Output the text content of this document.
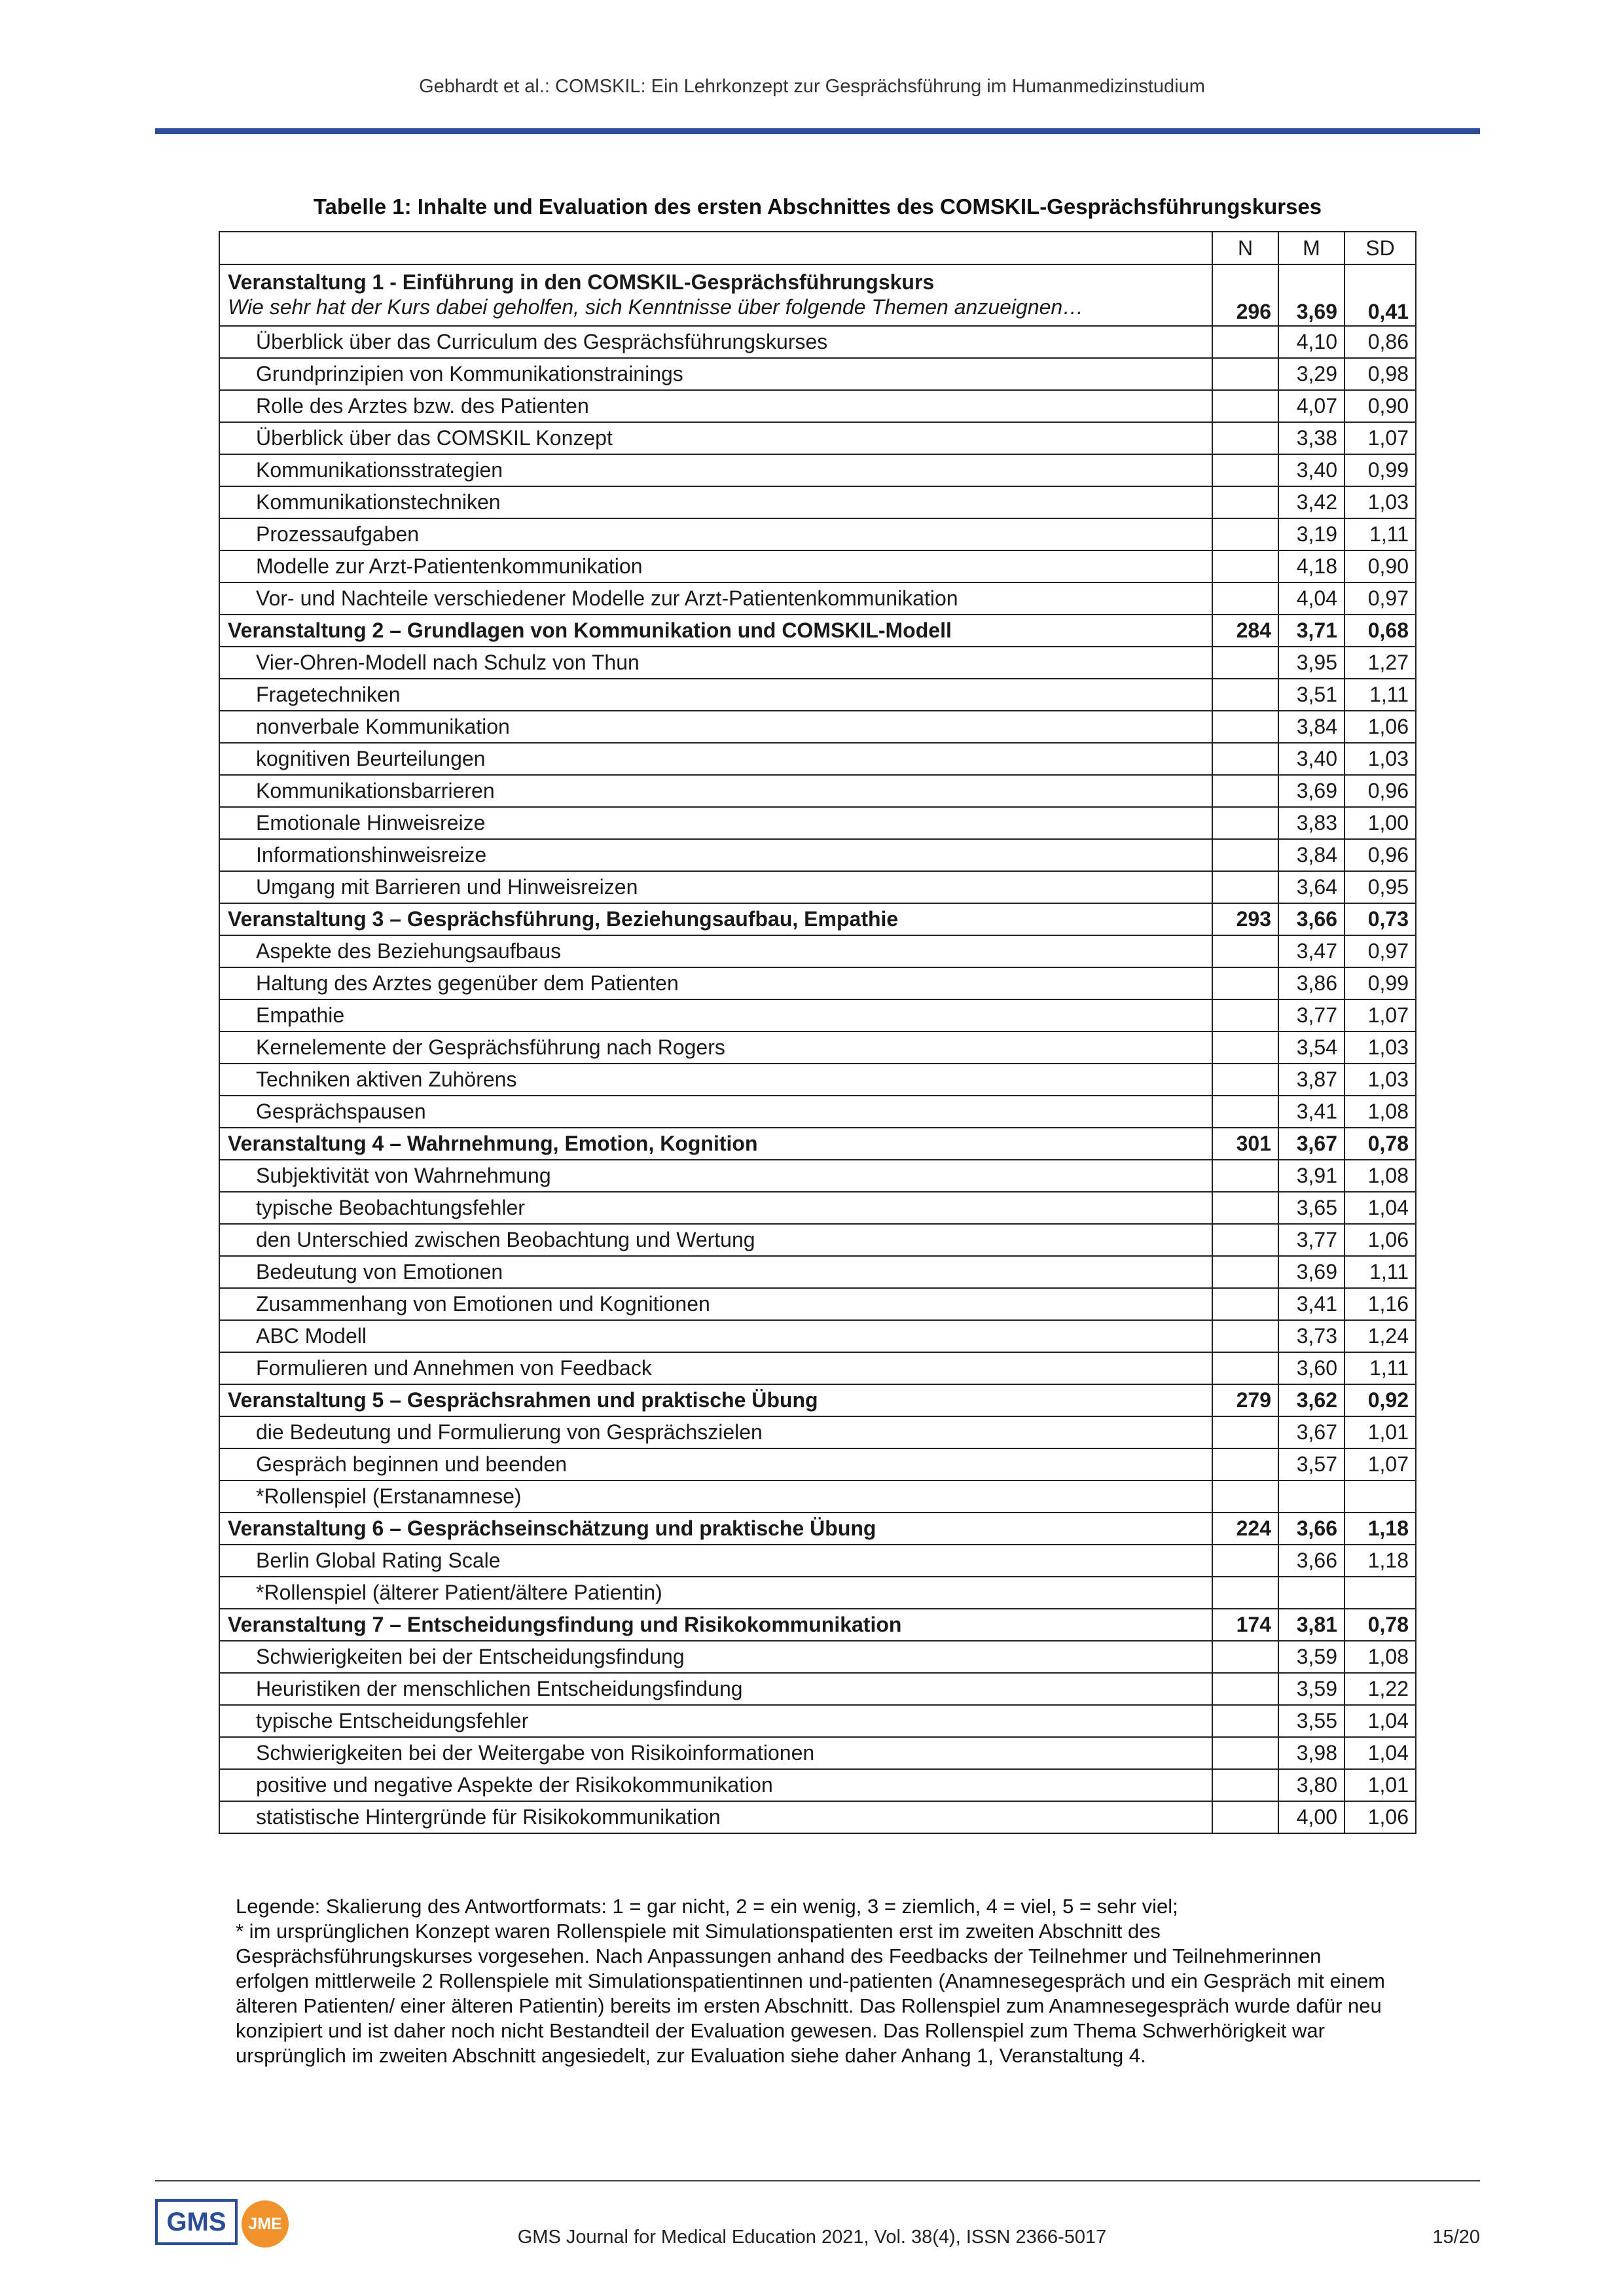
Gebhardt et al.: COMSKIL: Ein Lehrkonzept zur Gesprächsführung im Humanmedizinstudium
Tabelle 1: Inhalte und Evaluation des ersten Abschnittes des COMSKIL-Gesprächsführungskurses
	N	M	SD
Veranstaltung 1 - Einführung in den COMSKIL-Gesprächsführungskurs
Wie sehr hat der Kurs dabei geholfen, sich Kenntnisse über folgende Themen anzueignen…	296	3,69	0,41
Überblick über das Curriculum des Gesprächsführungskurses		4,10	0,86
Grundprinzipien von Kommunikationstrainings		3,29	0,98
Rolle des Arztes bzw. des Patienten		4,07	0,90
Überblick über das COMSKIL Konzept		3,38	1,07
Kommunikationsstrategien		3,40	0,99
Kommunikationstechniken		3,42	1,03
Prozessaufgaben		3,19	1,11
Modelle zur Arzt-Patientenkommunikation		4,18	0,90
Vor- und Nachteile verschiedener Modelle zur Arzt-Patientenkommunikation		4,04	0,97
Veranstaltung 2 – Grundlagen von Kommunikation und COMSKIL-Modell	284	3,71	0,68
Vier-Ohren-Modell nach Schulz von Thun		3,95	1,27
Fragetechniken		3,51	1,11
nonverbale Kommunikation		3,84	1,06
kognitiven Beurteilungen		3,40	1,03
Kommunikationsbarrieren		3,69	0,96
Emotionale Hinweisreize		3,83	1,00
Informationshinweisreize		3,84	0,96
Umgang mit Barrieren und Hinweisreizen		3,64	0,95
Veranstaltung 3 – Gesprächsführung, Beziehungsaufbau, Empathie	293	3,66	0,73
Aspekte des Beziehungsaufbaus		3,47	0,97
Haltung des Arztes gegenüber dem Patienten		3,86	0,99
Empathie		3,77	1,07
Kernelemente der Gesprächsführung nach Rogers		3,54	1,03
Techniken aktiven Zuhörens		3,87	1,03
Gesprächspausen		3,41	1,08
Veranstaltung 4 – Wahrnehmung, Emotion, Kognition	301	3,67	0,78
Subjektivität von Wahrnehmung		3,91	1,08
typische Beobachtungsfehler		3,65	1,04
den Unterschied zwischen Beobachtung und Wertung		3,77	1,06
Bedeutung von Emotionen		3,69	1,11
Zusammenhang von Emotionen und Kognitionen		3,41	1,16
ABC Modell		3,73	1,24
Formulieren und Annehmen von Feedback		3,60	1,11
Veranstaltung 5 – Gesprächsrahmen und praktische Übung	279	3,62	0,92
die Bedeutung und Formulierung von Gesprächszielen		3,67	1,01
Gespräch beginnen und beenden		3,57	1,07
*Rollenspiel (Erstanamnese)			
Veranstaltung 6 – Gesprächseinschätzung und praktische Übung	224	3,66	1,18
Berlin Global Rating Scale		3,66	1,18
*Rollenspiel (älterer Patient/ältere Patientin)			
Veranstaltung 7 – Entscheidungsfindung und Risikokommunikation	174	3,81	0,78
Schwierigkeiten bei der Entscheidungsfindung		3,59	1,08
Heuristiken der menschlichen Entscheidungsfindung		3,59	1,22
typische Entscheidungsfehler		3,55	1,04
Schwierigkeiten bei der Weitergabe von Risikoinformationen		3,98	1,04
positive und negative Aspekte der Risikokommunikation		3,80	1,01
statistische Hintergründe für Risikokommunikation		4,00	1,06

Legende: Skalierung des Antwortformats: 1 = gar nicht, 2 = ein wenig, 3 = ziemlich, 4 = viel, 5 = sehr viel;

* im ursprünglichen Konzept waren Rollenspiele mit Simulationspatienten erst im zweiten Abschnitt des Gesprächsführungskurses vorgesehen. Nach Anpassungen anhand des Feedbacks der Teilnehmer und Teilnehmerinnen erfolgen mittlerweile 2 Rollenspiele mit Simulationspatientinnen und-patienten (Anamnesegespräch und ein Gespräch mit einem älteren Patienten/ einer älteren Patientin) bereits im ersten Abschnitt. Das Rollenspiel zum Anamnesegespräch wurde dafür neu konzipiert und ist daher noch nicht Bestandteil der Evaluation gewesen. Das Rollenspiel zum Thema Schwerhörigkeit war ursprünglich im zweiten Abschnitt angesiedelt, zur Evaluation siehe daher Anhang 1, Veranstaltung 4.

GMS	JME
GMS Journal for Medical Education 2021, Vol. 38(4), ISSN 2366-5017	15/20
